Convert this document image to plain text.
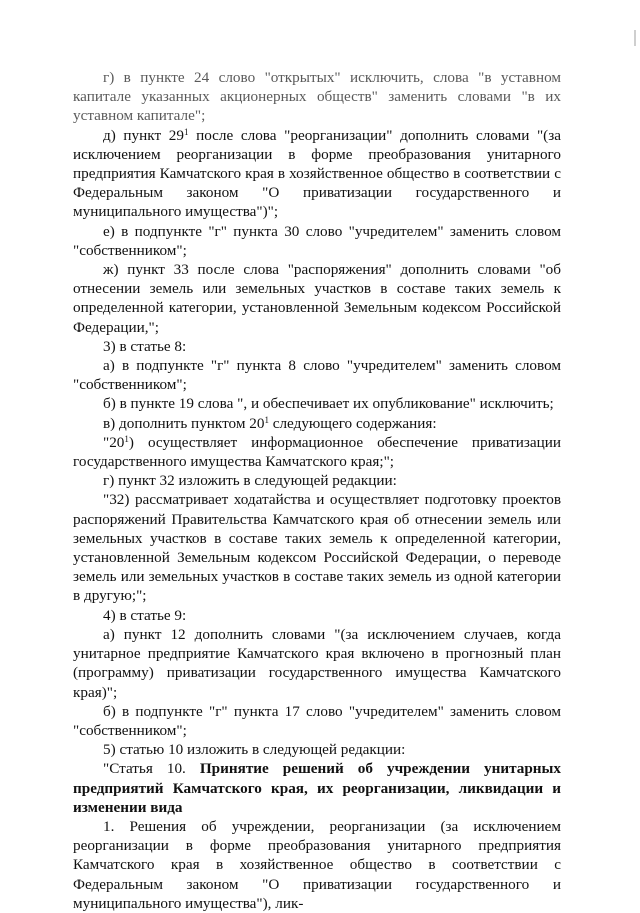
г) в пункте 24 слово "открытых" исключить, слова "в уставном капитале указанных акционерных обществ" заменить словами "в их уставном капитале";

д) пункт $29^1$ после слова "реорганизации" дополнить словами "(за исключением реорганизации в форме преобразования унитарного предприятия Камчатского края в хозяйственное общество в соответствии с Федеральным законом "О приватизации государственного и муниципального имущества")";

е) в подпункте "г" пункта 30 слово "учредителем" заменить словом "собственником";

ж) пункт 33 после слова "распоряжения" дополнить словами "об отнесении земель или земельных участков в составе таких земель к определенной категории, установленной Земельным кодексом Российской Федерации,";

3) в статье 8:

а) в подпункте "г" пункта 8 слово "учредителем" заменить словом "собственником";

б) в пункте 19 слова ", и обеспечивает их опубликование" исключить;

в) дополнить пунктом $20^1$ следующего содержания:

"$20^1$) осуществляет информационное обеспечение приватизации государственного имущества Камчатского края;";

г) пункт 32 изложить в следующей редакции:

"32) рассматривает ходатайства и осуществляет подготовку проектов распоряжений Правительства Камчатского края об отнесении земель или земельных участков в составе таких земель к определенной категории, установленной Земельным кодексом Российской Федерации, о переводе земель или земельных участков в составе таких земель из одной категории в другую;";

4) в статье 9:

а) пункт 12 дополнить словами "(за исключением случаев, когда унитарное предприятие Камчатского края включено в прогнозный план (программу) приватизации государственного имущества Камчатского края)";

б) в подпункте "г" пункта 17 слово "учредителем" заменить словом "собственником";

5) статью 10 изложить в следующей редакции:

"Статья 10. Принятие решений об учреждении унитарных предприятий Камчатского края, их реорганизации, ликвидации и изменении вида

1. Решения об учреждении, реорганизации (за исключением реорганизации в форме преобразования унитарного предприятия Камчатского края в хозяйственное общество в соответствии с Федеральным законом "О приватизации государственного и муниципального имущества"), лик-
